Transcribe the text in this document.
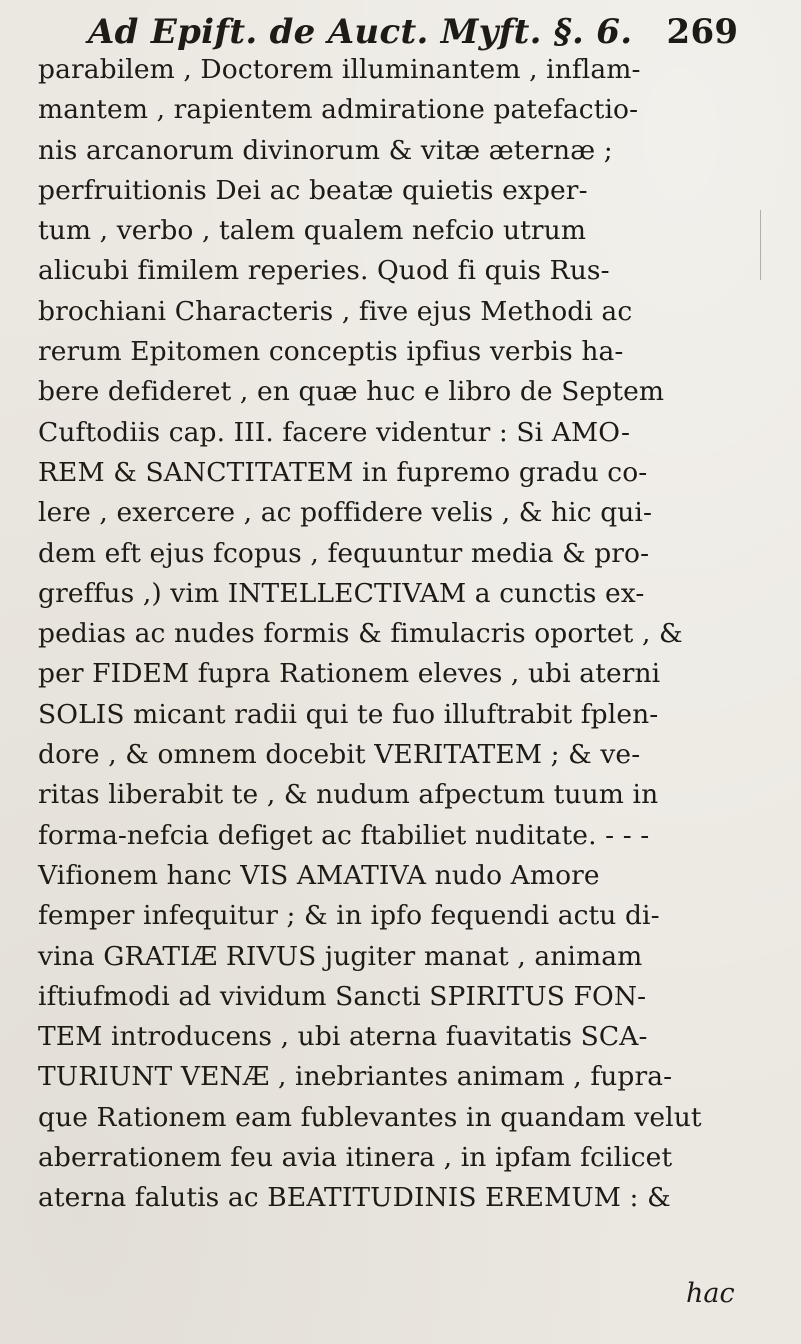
Ad Epift. de Auct. Myft. §. 6. 269
parabilem , Doctorem illuminantem , inflam-
mantem , rapientem admiratione patefactio-
nis arcanorum divinorum & vitæ æternæ ;
perfruitionis Dei ac beatæ quietis exper-
tum , verbo , talem qualem nefcio utrum
alicubi fimilem reperies. Quod fi quis Rus-
brochiani Characteris , five ejus Methodi ac
rerum Epitomen conceptis ipfius verbis ha-
bere defideret , en quæ huc e libro de Septem
Cuftodiis cap. III. facere videntur : Si AMO-
REM & SANCTITATEM in fupremo gradu co-
lere , exercere , ac poffidere velis , & hic qui-
dem eft ejus fcopus , fequuntur media & pro-
greffus ,) vim INTELLECTIVAM a cunctis ex-
pedias ac nudes formis & fimulacris oportet , &
per FIDEM fupra Rationem eleves , ubi aterni
SOLIS micant radii qui te fuo illuftrabit fplen-
dore , & omnem docebit VERITATEM ; & ve-
ritas liberabit te , & nudum afpectum tuum in
forma-nefcia defiget ac ftabiliet nuditate. - - -
Vifionem hanc VIS AMATIVA nudo Amore
femper infequitur ; & in ipfo fequendi actu di-
vina GRATIÆ RIVUS jugiter manat , animam
iftiufmodi ad vividum Sancti SPIRITUS FON-
TEM introducens , ubi aterna fuavitatis SCA-
TURIUNT VENÆ , inebriantes animam , fupra-
que Rationem eam fublevantes in quandam velut
aberrationem feu avia itinera , in ipfam fcilicet
aterna falutis ac BEATITUDINIS EREMUM : &
hac
